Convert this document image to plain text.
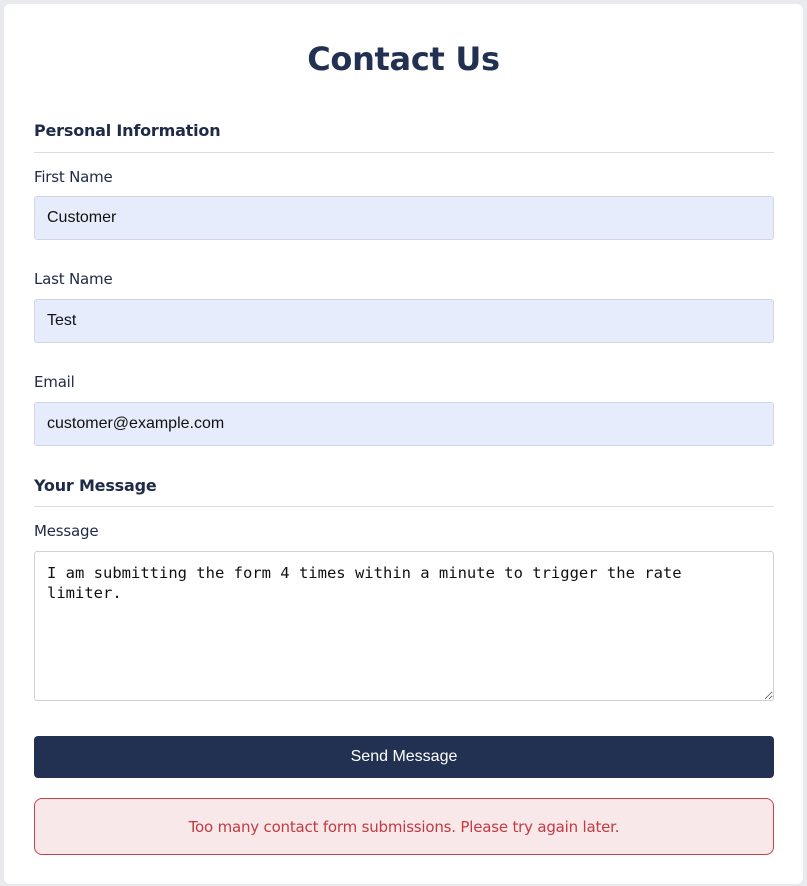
Contact Us
Personal Information
First Name
Customer
Last Name
Test
Email
customer@example.com
Your Message
Message
I am submitting the form 4 times within a minute to trigger the rate limiter.
Send Message
Too many contact form submissions. Please try again later.
